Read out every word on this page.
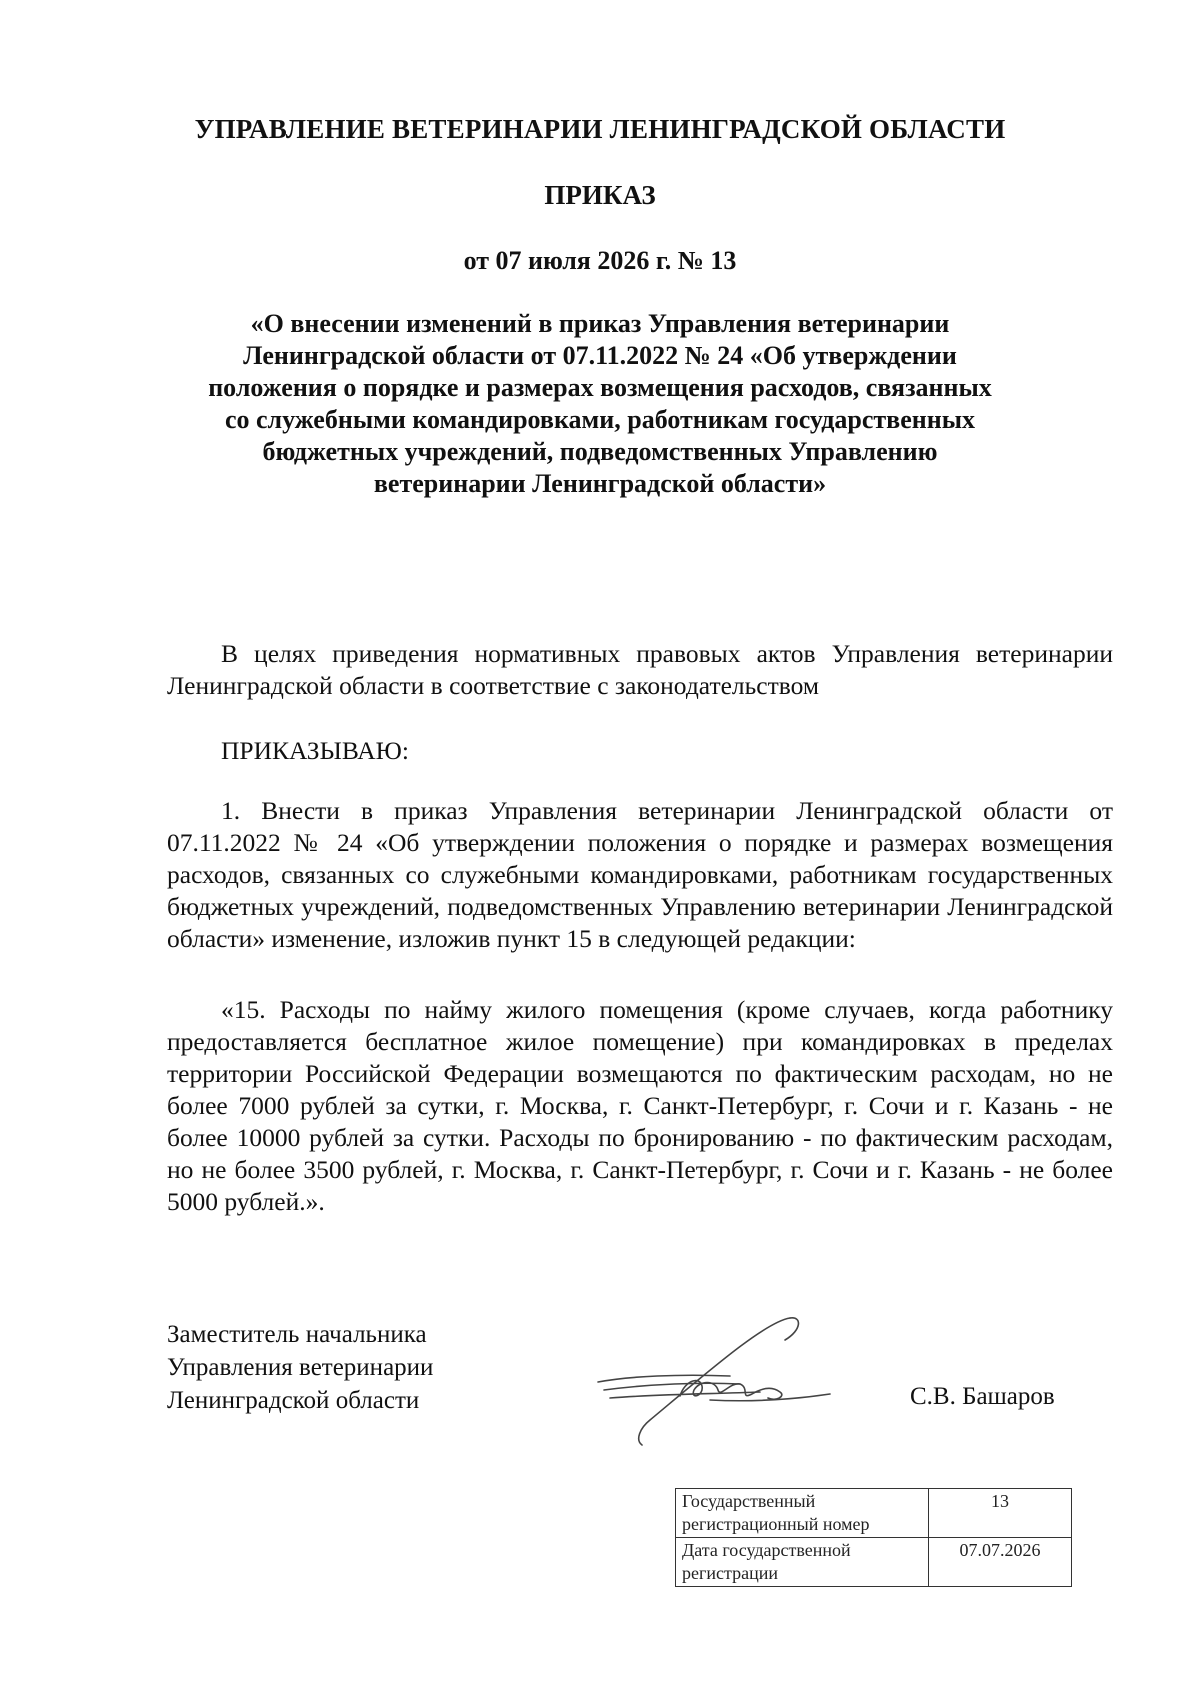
УПРАВЛЕНИЕ ВЕТЕРИНАРИИ ЛЕНИНГРАДСКОЙ ОБЛАСТИ
ПРИКАЗ
от 07 июля 2026 г. № 13
«О внесении изменений в приказ Управления ветеринарии Ленинградской области от 07.11.2022 № 24 «Об утверждении положения о порядке и размерах возмещения расходов, связанных со служебными командировками, работникам государственных бюджетных учреждений, подведомственных Управлению ветеринарии Ленинградской области»
В целях приведения нормативных правовых актов Управления ветеринарии Ленинградской области в соответствие с законодательством
ПРИКАЗЫВАЮ:
1. Внести в приказ Управления ветеринарии Ленинградской области от 07.11.2022 № 24 «Об утверждении положения о порядке и размерах возмещения расходов, связанных со служебными командировками, работникам государственных бюджетных учреждений, подведомственных Управлению ветеринарии Ленинградской области» изменение, изложив пункт 15 в следующей редакции:
«15. Расходы по найму жилого помещения (кроме случаев, когда работнику предоставляется бесплатное жилое помещение) при командировках в пределах территории Российской Федерации возмещаются по фактическим расходам, но не более 7000 рублей за сутки, г. Москва, г. Санкт-Петербург, г. Сочи и г. Казань - не более 10000 рублей за сутки. Расходы по бронированию - по фактическим расходам, но не более 3500 рублей, г. Москва, г. Санкт-Петербург, г. Сочи и г. Казань - не более 5000 рублей.».
Заместитель начальника
Управления ветеринарии
Ленинградской области	С.В. Башаров
Государственный регистрационный номер	13
Дата государственной регистрации	07.07.2026
